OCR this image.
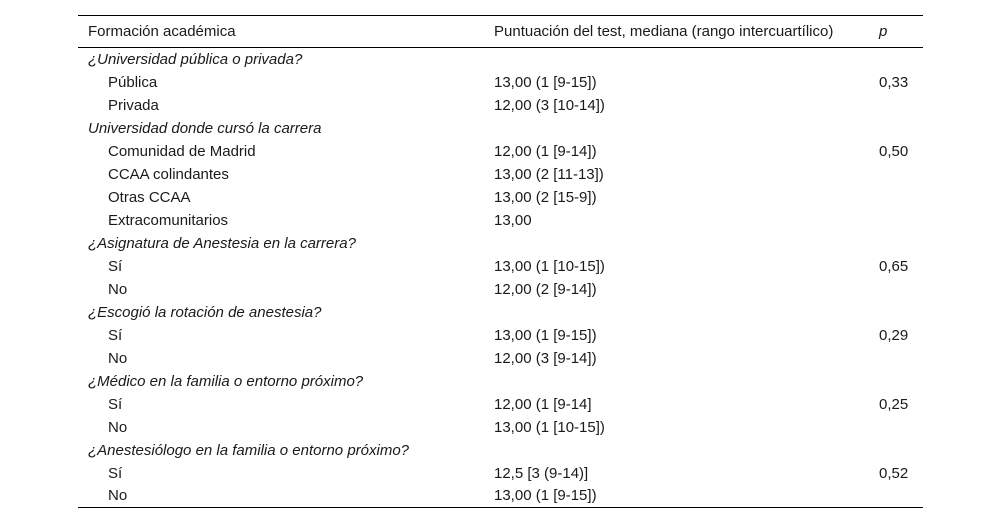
Formación académica	Puntuación del test, mediana (rango intercuartílico)	p
¿Universidad pública o privada?		
Pública	13,00 (1 [9-15])	0,33
Privada	12,00 (3 [10-14])	
Universidad donde cursó la carrera		
Comunidad de Madrid	12,00 (1 [9-14])	0,50
CCAA colindantes	13,00 (2 [11-13])	
Otras CCAA	13,00 (2 [15-9])	
Extracomunitarios	13,00	
¿Asignatura de Anestesia en la carrera?		
Sí	13,00 (1 [10-15])	0,65
No	12,00 (2 [9-14])	
¿Escogió la rotación de anestesia?		
Sí	13,00 (1 [9-15])	0,29
No	12,00 (3 [9-14])	
¿Médico en la familia o entorno próximo?		
Sí	12,00 (1 [9-14]	0,25
No	13,00 (1 [10-15])	
¿Anestesiólogo en la familia o entorno próximo?		
Sí	12,5 [3 (9-14)]	0,52
No	13,00 (1 [9-15])	
